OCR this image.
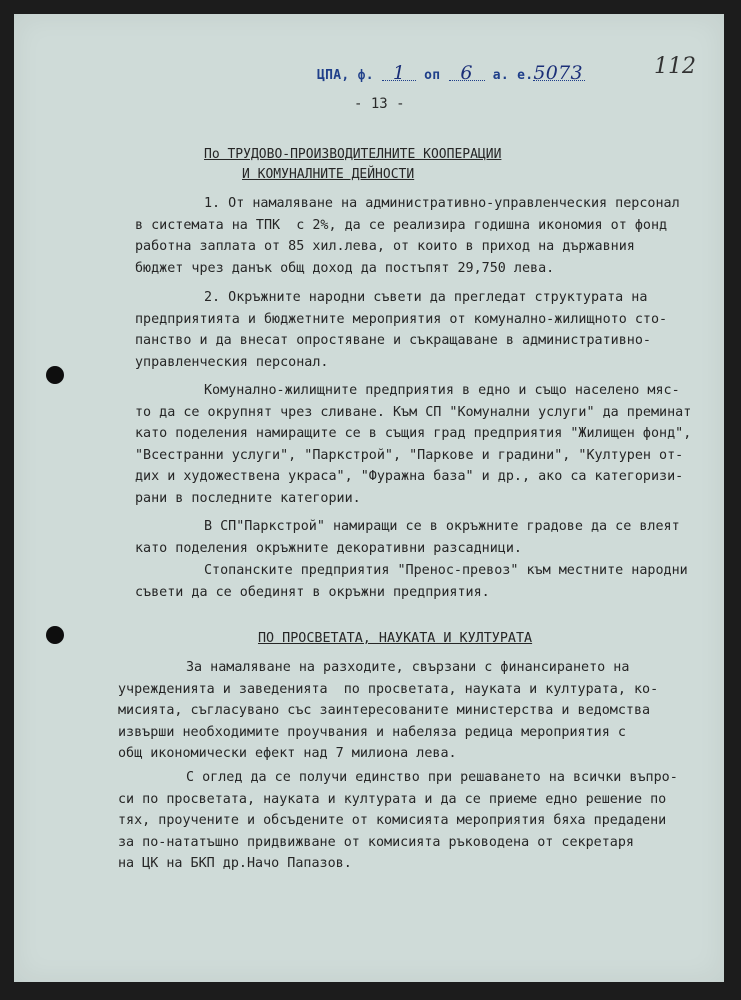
ЦПА, ф. 1 оп 6 а. е.5073	112
- 13 -
По ТРУДОВО-ПРОИЗВОДИТЕЛНИТЕ КООПЕРАЦИИ
И КОМУНАЛНИТЕ ДЕЙНОСТИ
1. От намаляване на административно-управленческия персонал
в системата на ТПК  с 2%, да се реализира годишна икономия от фонд
работна заплата от 85 хил.лева, от които в приход на държавния
бюджет чрез данък общ доход да постъпят 29,750 лева.
2. Окръжните народни съвети да прегледат структурата на
предприятията и бюджетните мероприятия от комунално-жилищното сто-
панство и да внесат опростяване и съкращаване в административно-
управленческия персонал.
Комунално-жилищните предприятия в едно и също населено мяс-
то да се окрупнят чрез сливане. Към СП "Комунални услуги" да преминат
като поделения намиращите се в същия град предприятия "Жилищен фонд",
"Всестранни услуги", "Паркстрой", "Паркове и градини", "Културен от-
дих и художествена украса", "Фуражна база" и др., ако са категоризи-
рани в последните категории.
В СП"Паркстрой" намиращи се в окръжните градове да се влеят
като поделения окръжните декоративни разсадници.
Стопанските предприятия "Пренос-превоз" към местните народни
съвети да се обединят в окръжни предприятия.
ПО ПРОСВЕТАТА, НАУКАТА И КУЛТУРАТА
За намаляване на разходите, свързани с финансирането на
учрежденията и заведенията  по просветата, науката и културата, ко-
мисията, съгласувано със заинтересованите министерства и ведомства
извърши необходимите проучвания и набеляза редица мероприятия с
общ икономически ефект над 7 милиона лева.
С оглед да се получи единство при решаването на всички въпро-
си по просветата, науката и културата и да се приеме едно решение по
тях, проучените и обсъдените от комисията мероприятия бяха предадени
за по-нататъшно придвижване от комисията ръководена от секретаря
на ЦК на БКП др.Начо Папазов.
